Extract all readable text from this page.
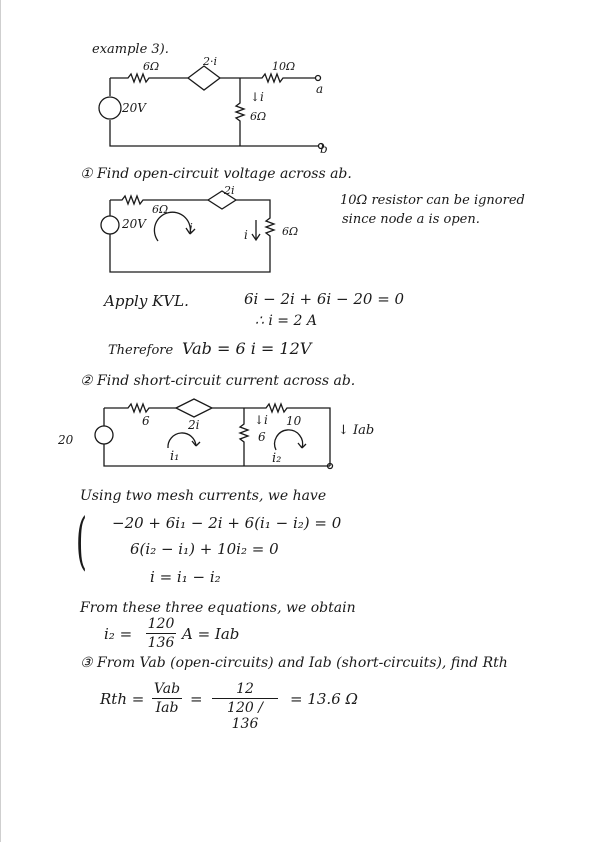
example 3).
6Ω	2·i	10Ω
20V
↓i
6Ω
a
b
① Find open-circuit voltage across ab.
6Ω
2i
20V	i	i	6Ω
10Ω resistor can be ignored
since node a is open.
Apply KVL.	6i − 2i + 6i − 20 = 0
∴ i = 2 A
Therefore Vab = 6 i = 12V
② Find short-circuit current across ab.
20
6	2i	↓i
6
10
↓ Iab
i₁	i₂
Using two mesh currents, we have
( −20 + 6i₁ − 2i + 6(i₁ − i₂) = 0
6(i₂ − i₁) + 10i₂ = 0
i = i₁ − i₂
From these three equations, we obtain
i₂ =
120
136 A = Iab
③ From Vab (open-circuits) and Iab (short-circuits), find Rth
Rth =
Vab
Iab =
12
120 / 136
= 13.6 Ω
